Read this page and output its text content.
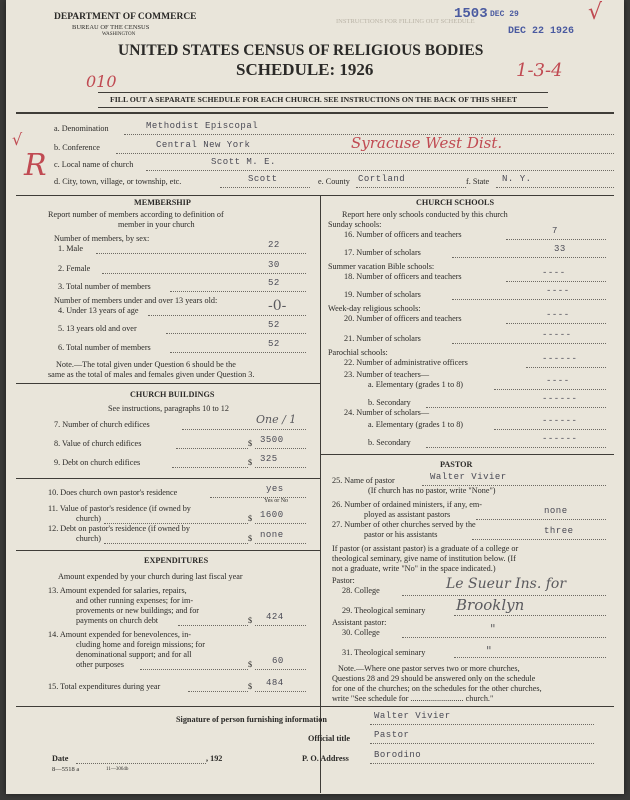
DEPARTMENT OF COMMERCE
BUREAU OF THE CENSUS
WASHINGTON
INSTRUCTIONS FOR FILLING OUT SCHEDULE
1503 DEC 29
DEC 22 1926
√
UNITED STATES CENSUS OF RELIGIOUS BODIES
SCHEDULE: 1926
010
1-3-4
FILL OUT A SEPARATE SCHEDULE FOR EACH CHURCH. SEE INSTRUCTIONS ON THE BACK OF THIS SHEET
√
R
a. Denomination	Methodist Episcopal
b. Conference	Central New York	Syracuse West Dist.
c. Local name of church	Scott M. E.
d. City, town, village, or township, etc.	Scott	e. County Cortland	f. State N. Y.
MEMBERSHIP
Report number of members according to definition of
member in your church
Number of members, by sex:
1. Male	22
2. Female	30
3. Total number of members	52
Number of members under and over 13 years old:
4. Under 13 years of age	-0-
5. 13 years old and over	52
6. Total number of members	52
Note.—The total given under Question 6 should be the
same as the total of males and females given under Question 3.
CHURCH BUILDINGS
See instructions, paragraphs 10 to 12
7. Number of church edifices	One / 1
8. Value of church edifices	$ 3500
9. Debt on church edifices	$ 325
10. Does church own pastor's residence	yes
Yes or No
11. Value of pastor's residence (if owned by
church)	$ 1600
12. Debt on pastor's residence (if owned by
church)	$ none
EXPENDITURES
Amount expended by your church during last fiscal year
13. Amount expended for salaries, repairs,
and other running expenses; for im-
provements or new buildings; and for
payments on church debt	$ 424
14. Amount expended for benevolences, in-
cluding home and foreign missions; for
denominational support; and for all
other purposes	$ 60
15. Total expenditures during year	$ 484
CHURCH SCHOOLS
Report here only schools conducted by this church
Sunday schools:
16. Number of officers and teachers	7
17. Number of scholars	33
Summer vacation Bible schools:
18. Number of officers and teachers	----
19. Number of scholars	----
Week-day religious schools:
20. Number of officers and teachers	----
21. Number of scholars	-----
Parochial schools:
22. Number of administrative officers	------
23. Number of teachers—
a. Elementary (grades 1 to 8)	----
b. Secondary	------
24. Number of scholars—
a. Elementary (grades 1 to 8)	------
b. Secondary	------
PASTOR
25. Name of pastor	Walter Vivier
(If church has no pastor, write "None")
26. Number of ordained ministers, if any, em-
ployed as assistant pastors	none
27. Number of other churches served by the
pastor or his assistants	three
If pastor (or assistant pastor) is a graduate of a college or
theological seminary, give name of institution below. (If
not a graduate, write "No" in the space indicated.)
Pastor:
28. College	Le Sueur Ins. for
29. Theological seminary Brooklyn
Assistant pastor:
30. College	"
31. Theological seminary	"
Note.—Where one pastor serves two or more churches,
Questions 28 and 29 should be answered only on the schedule
for one of the churches; on the schedules for the other churches,
write "See schedule for .......................... church."
Signature of person furnishing information	Walter Vivier
Official title	Pastor
Date	, 192	P. O. Address	Borodino
8—5518 a	11—3064b
